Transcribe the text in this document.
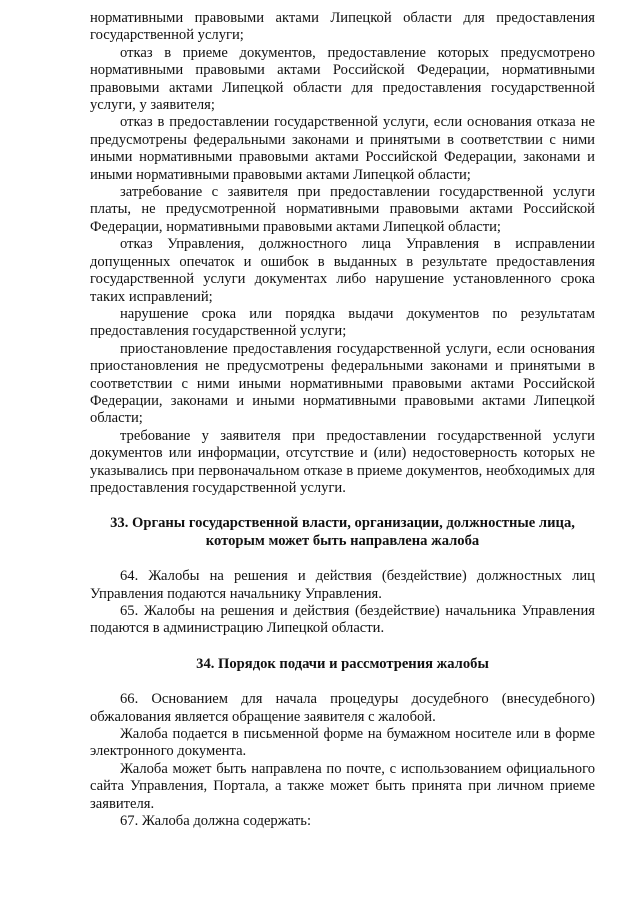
нормативными правовыми актами Липецкой области для предоставления государственной услуги;

отказ в приеме документов, предоставление которых предусмотрено нормативными правовыми актами Российской Федерации, нормативными правовыми актами Липецкой области для предоставления государственной услуги, у заявителя;

отказ в предоставлении государственной услуги, если основания отказа не предусмотрены федеральными законами и принятыми в соответствии с ними иными нормативными правовыми актами Российской Федерации, законами и иными нормативными правовыми актами Липецкой области;

затребование с заявителя при предоставлении государственной услуги платы, не предусмотренной нормативными правовыми актами Российской Федерации, нормативными правовыми актами Липецкой области;

отказ Управления, должностного лица Управления в исправлении допущенных опечаток и ошибок в выданных в результате предоставления государственной услуги документах либо нарушение установленного срока таких исправлений;

нарушение срока или порядка выдачи документов по результатам предоставления государственной услуги;

приостановление предоставления государственной услуги, если основания приостановления не предусмотрены федеральными законами и принятыми в соответствии с ними иными нормативными правовыми актами Российской Федерации, законами и иными нормативными правовыми актами Липецкой области;

требование у заявителя при предоставлении государственной услуги документов или информации, отсутствие и (или) недостоверность которых не указывались при первоначальном отказе в приеме документов, необходимых для предоставления государственной услуги.

33. Органы государственной власти, организации, должностные лица, которым может быть направлена жалоба

64. Жалобы на решения и действия (бездействие) должностных лиц Управления подаются начальнику Управления.

65. Жалобы на решения и действия (бездействие) начальника Управления подаются в администрацию Липецкой области.

34. Порядок подачи и рассмотрения жалобы

66. Основанием для начала процедуры досудебного (внесудебного) обжалования является обращение заявителя с жалобой.

Жалоба подается в письменной форме на бумажном носителе или в форме электронного документа.

Жалоба может быть направлена по почте, с использованием официального сайта Управления, Портала, а также может быть принята при личном приеме заявителя.

67. Жалоба должна содержать:
